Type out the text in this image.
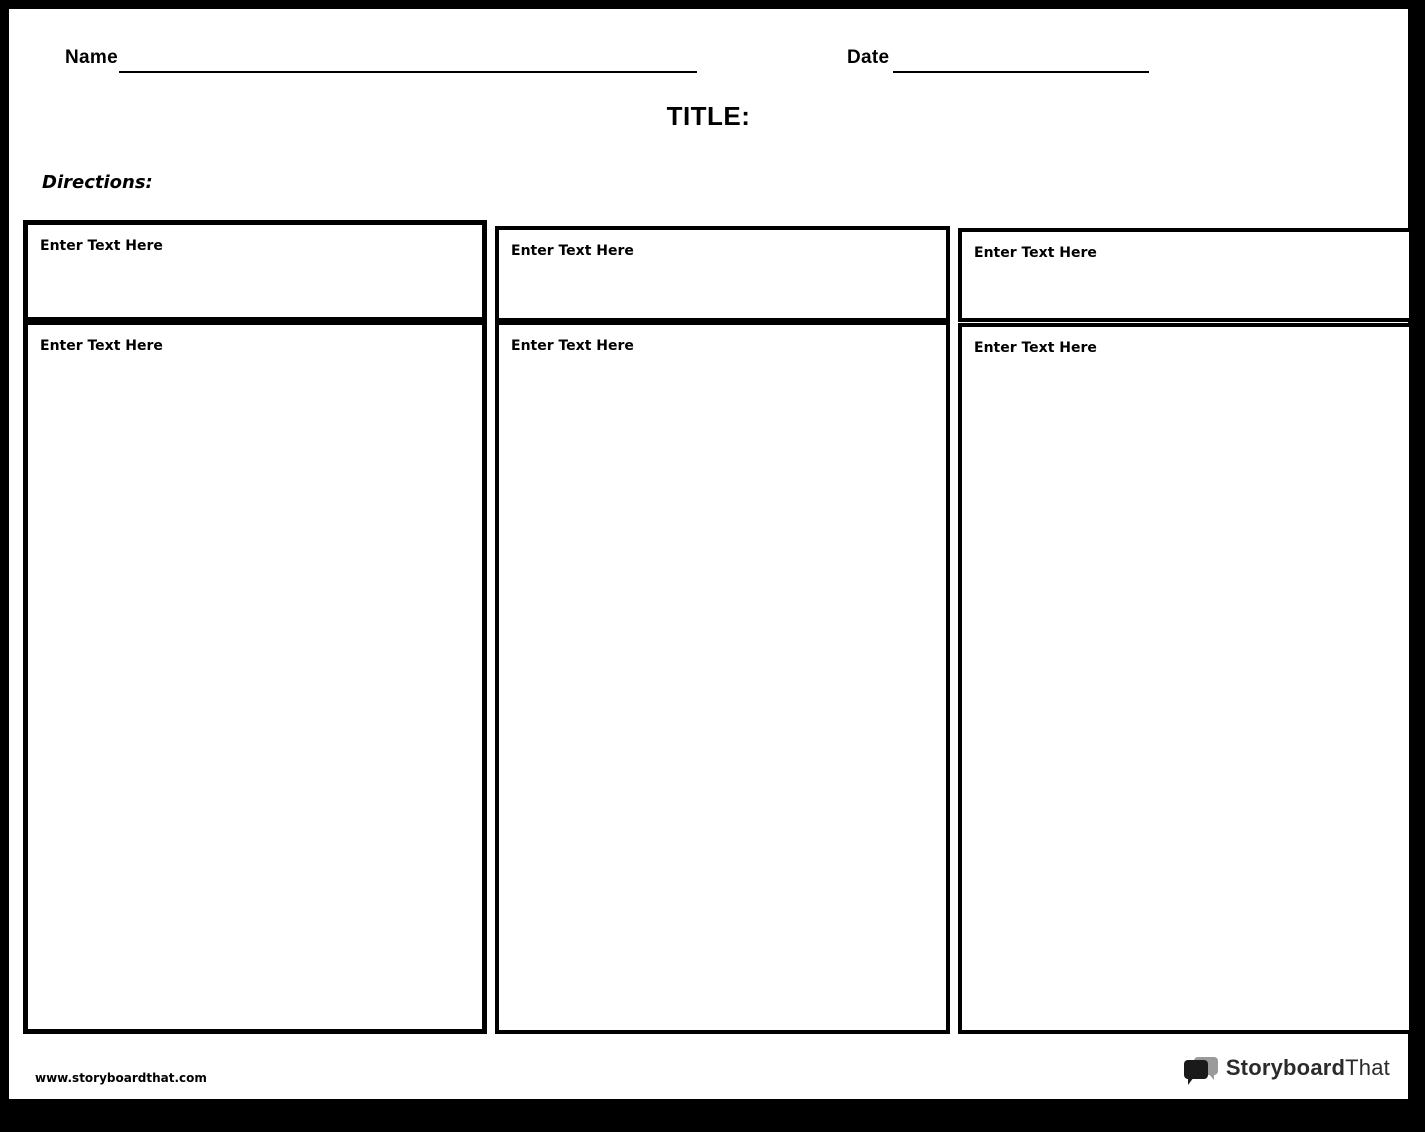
Name	Date
TITLE:
Directions:
Enter Text Here	Enter Text Here	Enter Text Here
Enter Text Here	Enter Text Here	Enter Text Here
www.storyboardthat.com	StoryboardThat
